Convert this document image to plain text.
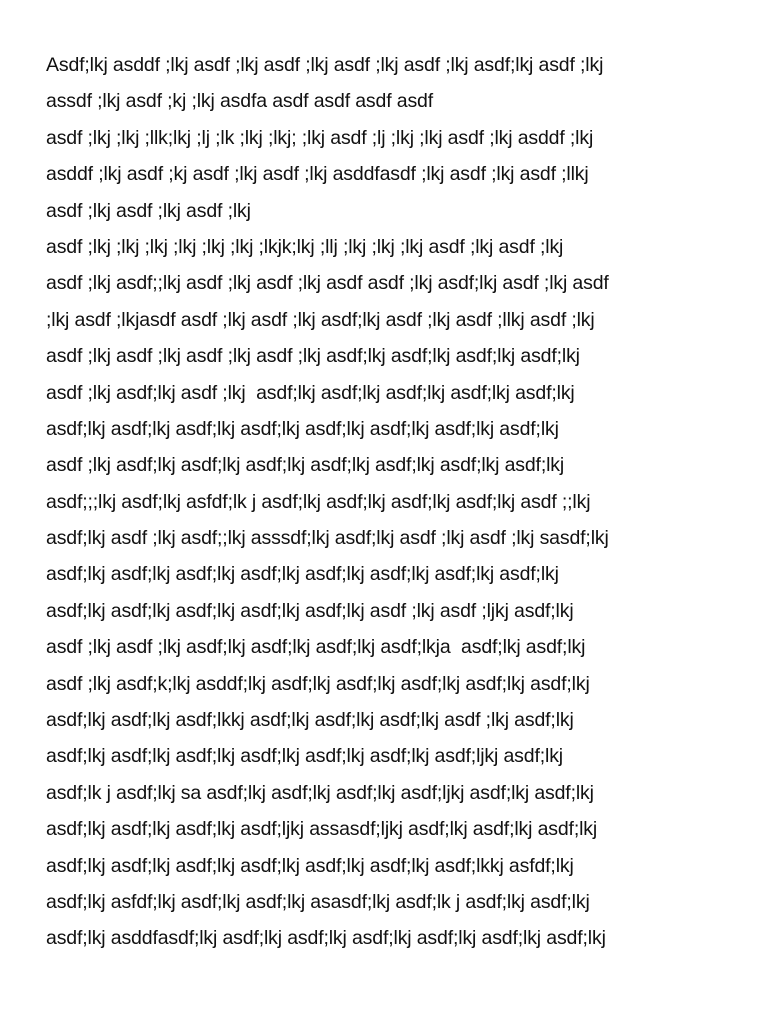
Asdf;lkj asddf ;lkj asdf ;lkj asdf ;lkj asdf ;lkj asdf ;lkj asdf;lkj asdf ;lkj
assdf ;lkj asdf ;kj ;lkj asdfa asdf asdf asdf asdf
asdf ;lkj ;lkj ;llk;lkj ;lj ;lk ;lkj ;lkj; ;lkj asdf ;lj ;lkj ;lkj asdf ;lkj asddf ;lkj
asddf ;lkj asdf ;kj asdf ;lkj asdf ;lkj asddfasdf ;lkj asdf ;lkj asdf ;llkj
asdf ;lkj asdf ;lkj asdf ;lkj
asdf ;lkj ;lkj ;lkj ;lkj ;lkj ;lkj ;lkjk;lkj ;llj ;lkj ;lkj ;lkj asdf ;lkj asdf ;lkj
asdf ;lkj asdf;;lkj asdf ;lkj asdf ;lkj asdf asdf ;lkj asdf;lkj asdf ;lkj asdf
;lkj asdf ;lkjasdf asdf ;lkj asdf ;lkj asdf;lkj asdf ;lkj asdf ;llkj asdf ;lkj
asdf ;lkj asdf ;lkj asdf ;lkj asdf ;lkj asdf;lkj asdf;lkj asdf;lkj asdf;lkj
asdf ;lkj asdf;lkj asdf ;lkj  asdf;lkj asdf;lkj asdf;lkj asdf;lkj asdf;lkj
asdf;lkj asdf;lkj asdf;lkj asdf;lkj asdf;lkj asdf;lkj asdf;lkj asdf;lkj
asdf ;lkj asdf;lkj asdf;lkj asdf;lkj asdf;lkj asdf;lkj asdf;lkj asdf;lkj
asdf;;;lkj asdf;lkj asfdf;lk j asdf;lkj asdf;lkj asdf;lkj asdf;lkj asdf ;;lkj
asdf;lkj asdf ;lkj asdf;;lkj asssdf;lkj asdf;lkj asdf ;lkj asdf ;lkj sasdf;lkj
asdf;lkj asdf;lkj asdf;lkj asdf;lkj asdf;lkj asdf;lkj asdf;lkj asdf;lkj
asdf;lkj asdf;lkj asdf;lkj asdf;lkj asdf;lkj asdf ;lkj asdf ;ljkj asdf;lkj
asdf ;lkj asdf ;lkj asdf;lkj asdf;lkj asdf;lkj asdf;lkja  asdf;lkj asdf;lkj
asdf ;lkj asdf;k;lkj asddf;lkj asdf;lkj asdf;lkj asdf;lkj asdf;lkj asdf;lkj
asdf;lkj asdf;lkj asdf;lkkj asdf;lkj asdf;lkj asdf;lkj asdf ;lkj asdf;lkj
asdf;lkj asdf;lkj asdf;lkj asdf;lkj asdf;lkj asdf;lkj asdf;ljkj asdf;lkj
asdf;lk j asdf;lkj sa asdf;lkj asdf;lkj asdf;lkj asdf;ljkj asdf;lkj asdf;lkj
asdf;lkj asdf;lkj asdf;lkj asdf;ljkj assasdf;ljkj asdf;lkj asdf;lkj asdf;lkj
asdf;lkj asdf;lkj asdf;lkj asdf;lkj asdf;lkj asdf;lkj asdf;lkkj asfdf;lkj
asdf;lkj asfdf;lkj asdf;lkj asdf;lkj asasdf;lkj asdf;lk j asdf;lkj asdf;lkj
asdf;lkj asddfasdf;lkj asdf;lkj asdf;lkj asdf;lkj asdf;lkj asdf;lkj asdf;lkj
